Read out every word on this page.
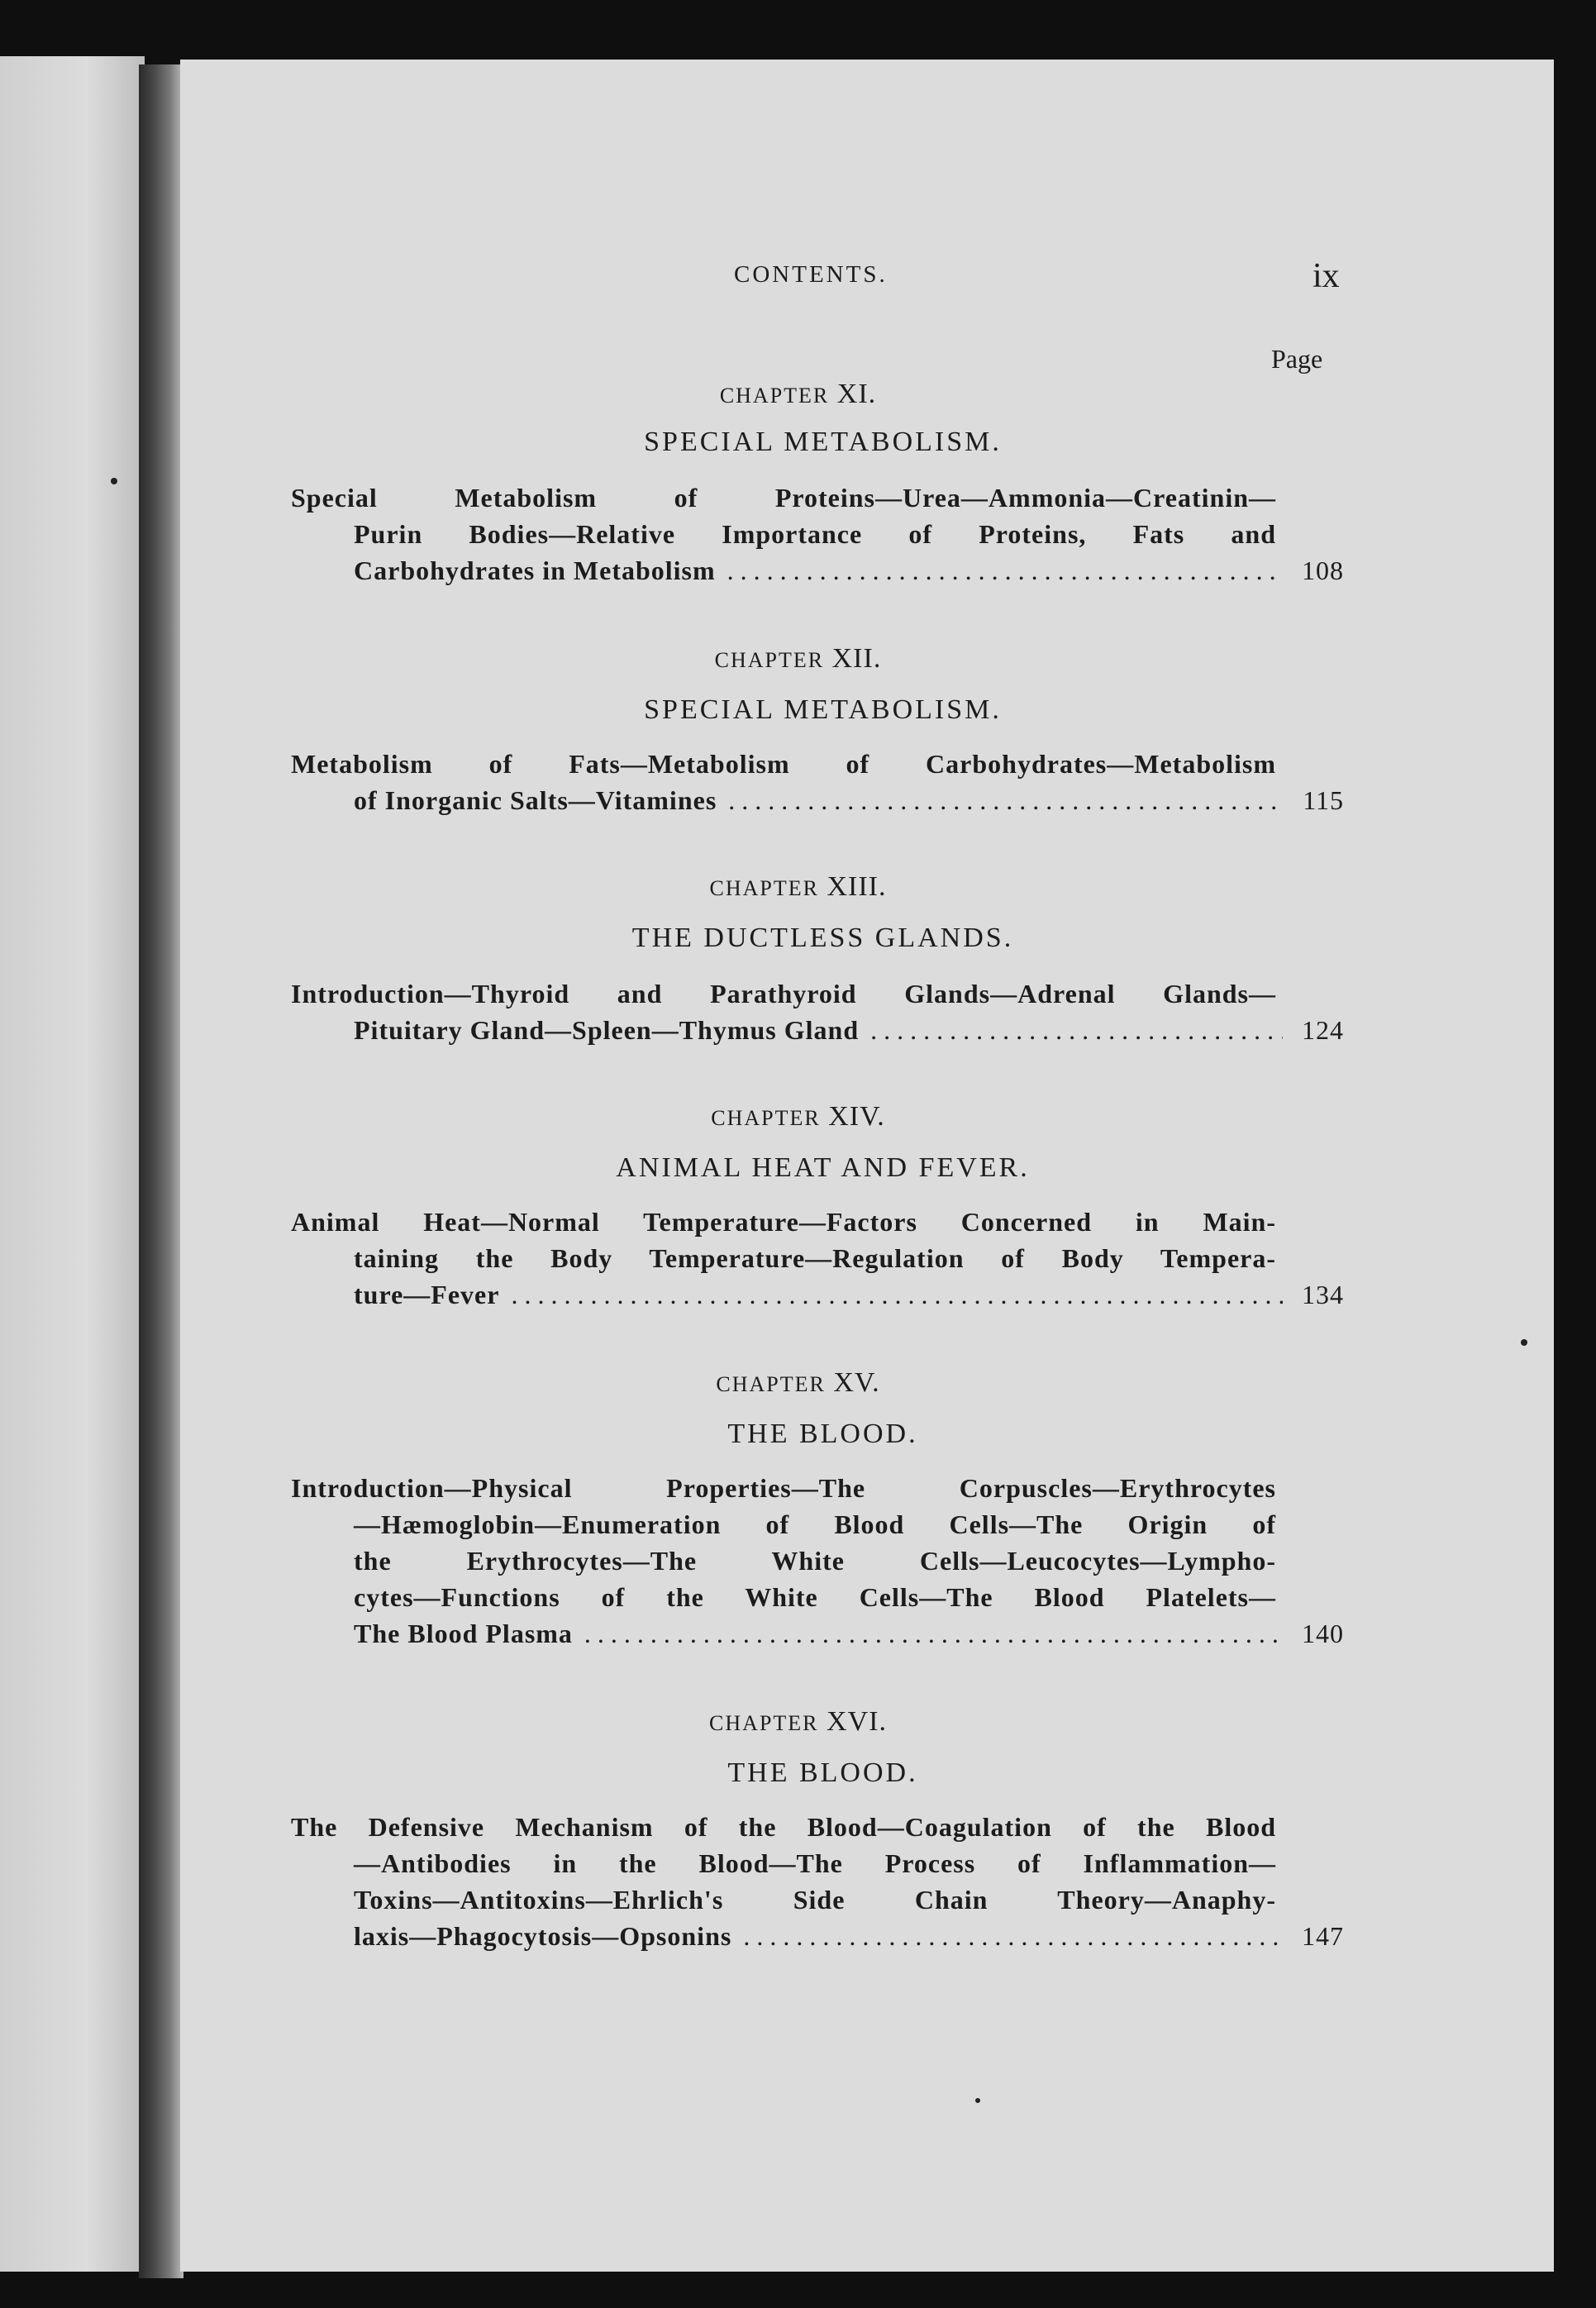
CONTENTS.	ix
Page
CHAPTER XI.
SPECIAL METABOLISM.
Special Metabolism of Proteins—Urea—Ammonia—Creatinin—
Purin Bodies—Relative Importance of Proteins, Fats and
Carbohydrates in Metabolism . . .	108
CHAPTER XII.
SPECIAL METABOLISM.
Metabolism of Fats—Metabolism of Carbohydrates—Metabolism
of Inorganic Salts—Vitamines . . .	115
CHAPTER XIII.
THE DUCTLESS GLANDS.
Introduction—Thyroid and Parathyroid Glands—Adrenal Glands—
Pituitary Gland—Spleen—Thymus Gland . . .	124
CHAPTER XIV.
ANIMAL HEAT AND FEVER.
Animal Heat—Normal Temperature—Factors Concerned in Main-
taining the Body Temperature—Regulation of Body Tempera-
ture—Fever . . .	134
CHAPTER XV.
THE BLOOD.
Introduction—Physical Properties—The Corpuscles—Erythrocytes
—Hæmoglobin—Enumeration of Blood Cells—The Origin of
the Erythrocytes—The White Cells—Leucocytes—Lympho-
cytes—Functions of the White Cells—The Blood Platelets—
The Blood Plasma . . .	140
CHAPTER XVI.
THE BLOOD.
The Defensive Mechanism of the Blood—Coagulation of the Blood
—Antibodies in the Blood—The Process of Inflammation—
Toxins—Antitoxins—Ehrlich's Side Chain Theory—Anaphy-
laxis—Phagocytosis—Opsonins . . .	147
